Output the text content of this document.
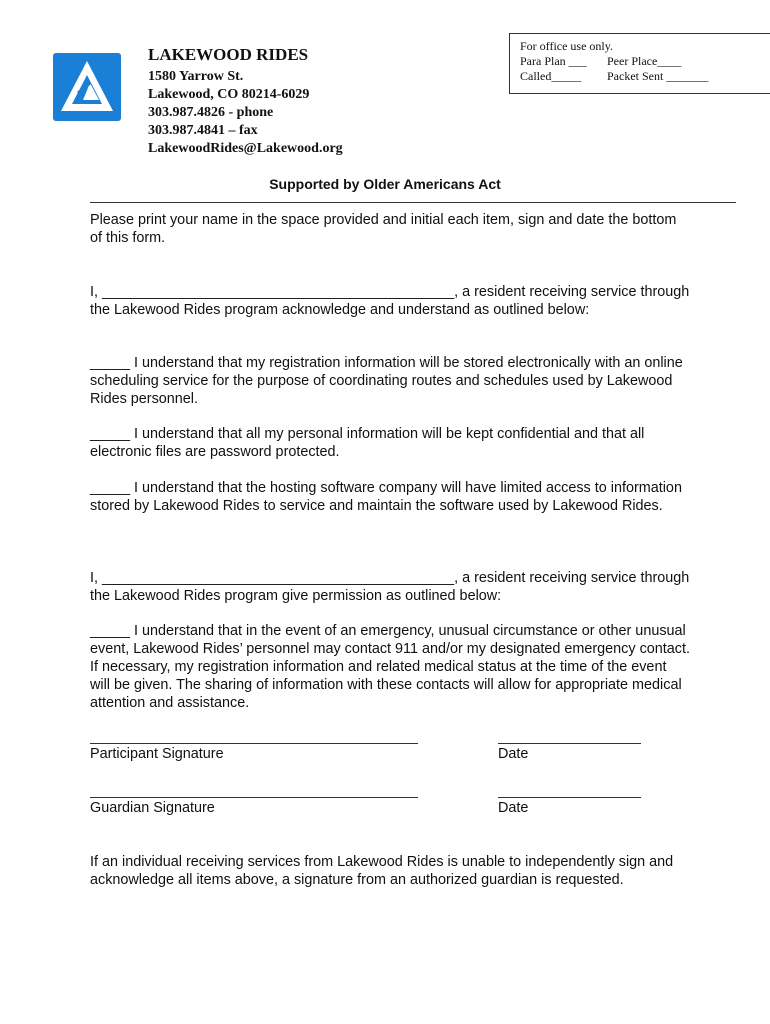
LAKEWOOD RIDES
1580 Yarrow St.
Lakewood, CO 80214-6029
303.987.4826 - phone
303.987.4841 – fax
LakewoodRides@Lakewood.org
For office use only.
Para Plan ___	Peer Place____
Called_____	Packet Sent _______
Supported by Older Americans Act
Please print your name in the space provided and initial each item, sign and date the bottom of this form.
I, ____________________________________________, a resident receiving service through the Lakewood Rides program acknowledge and understand as outlined below:
_____ I understand that my registration information will be stored electronically with an online scheduling service for the purpose of coordinating routes and schedules used by Lakewood Rides personnel.
_____ I understand that all my personal information will be kept confidential and that all electronic files are password protected.
_____ I understand that the hosting software company will have limited access to information stored by Lakewood Rides to service and maintain the software used by Lakewood Rides.
I, ____________________________________________, a resident receiving service through the Lakewood Rides program give permission as outlined below:
_____ I understand that in the event of an emergency, unusual circumstance or other unusual event, Lakewood Rides’ personnel may contact 911 and/or my designated emergency contact. If necessary, my registration information and related medical status at the time of the event will be given. The sharing of information with these contacts will allow for appropriate medical attention and assistance.
Participant Signature	Date
Guardian Signature	Date
If an individual receiving services from Lakewood Rides is unable to independently sign and acknowledge all items above, a signature from an authorized guardian is requested.
